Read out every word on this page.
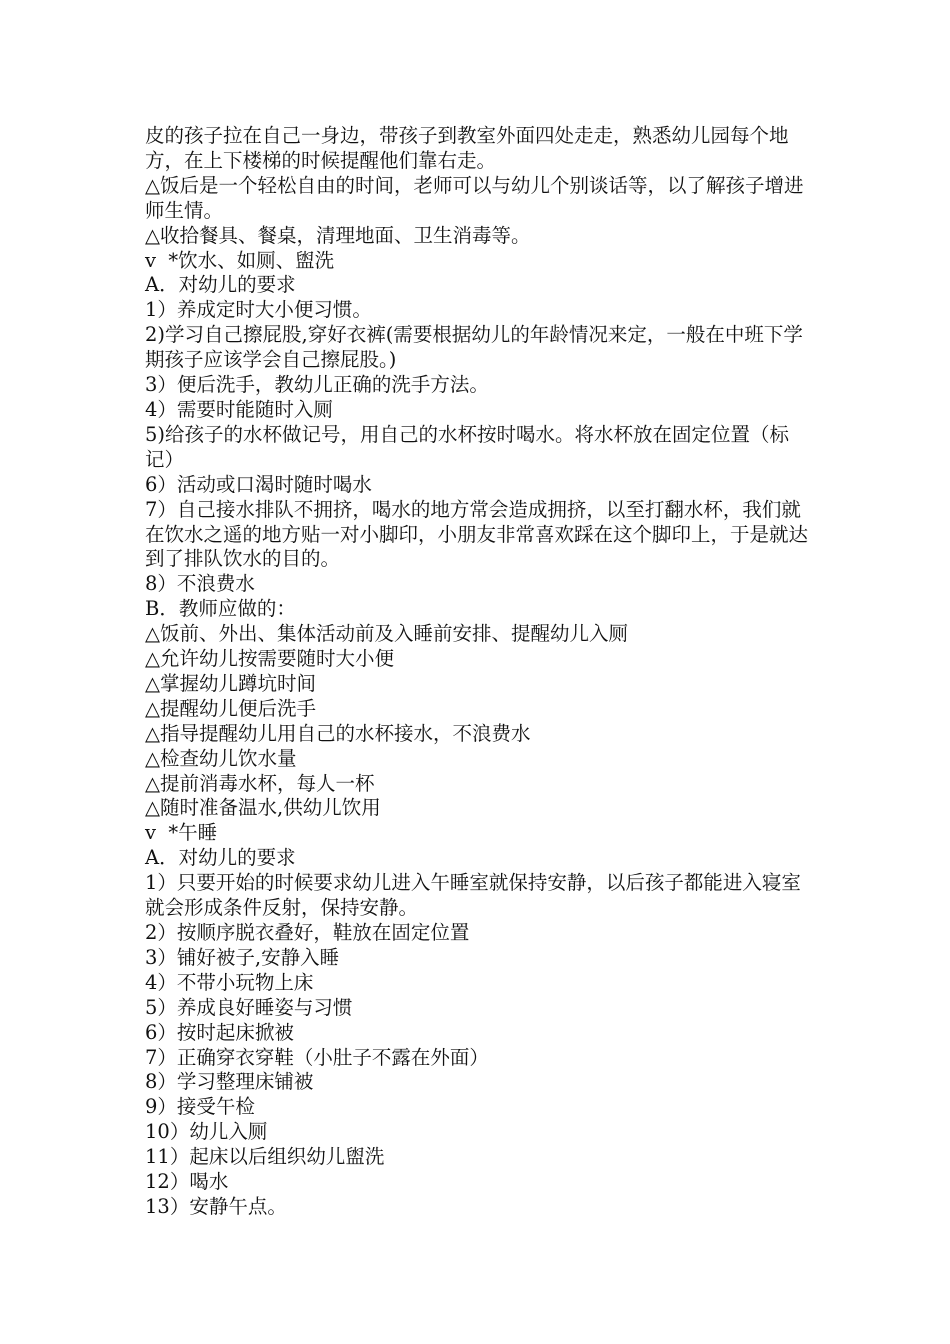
皮的孩子拉在自己一身边，带孩子到教室外面四处走走，熟悉幼儿园每个地方，在上下楼梯的时候提醒他们靠右走。

△饭后是一个轻松自由的时间，老师可以与幼儿个别谈话等，以了解孩子增进师生情。

△收拾餐具、餐桌，清理地面、卫生消毒等。

v  *饮水、如厕、盥洗

A．对幼儿的要求

1）养成定时大小便习惯。

2)学习自己擦屁股,穿好衣裤(需要根据幼儿的年龄情况来定，一般在中班下学期孩子应该学会自己擦屁股。)

3）便后洗手，教幼儿正确的洗手方法。

4）需要时能随时入厕

5)给孩子的水杯做记号，用自己的水杯按时喝水。将水杯放在固定位置（标记）

6）活动或口渴时随时喝水

7）自己接水排队不拥挤，喝水的地方常会造成拥挤，以至打翻水杯，我们就在饮水之遥的地方贴一对小脚印，小朋友非常喜欢踩在这个脚印上，于是就达到了排队饮水的目的。

8）不浪费水

B．教师应做的：

△饭前、外出、集体活动前及入睡前安排、提醒幼儿入厕

△允许幼儿按需要随时大小便

△掌握幼儿蹲坑时间

△提醒幼儿便后洗手

△指导提醒幼儿用自己的水杯接水，不浪费水

△检查幼儿饮水量

△提前消毒水杯，每人一杯

△随时准备温水,供幼儿饮用

v  *午睡

A．对幼儿的要求

1）只要开始的时候要求幼儿进入午睡室就保持安静，以后孩子都能进入寝室就会形成条件反射，保持安静。

2）按顺序脱衣叠好，鞋放在固定位置

3）铺好被子,安静入睡

4）不带小玩物上床

5）养成良好睡姿与习惯

6）按时起床掀被

7）正确穿衣穿鞋（小肚子不露在外面）

8）学习整理床铺被

9）接受午检

10）幼儿入厕

11）起床以后组织幼儿盥洗

12）喝水

13）安静午点。
